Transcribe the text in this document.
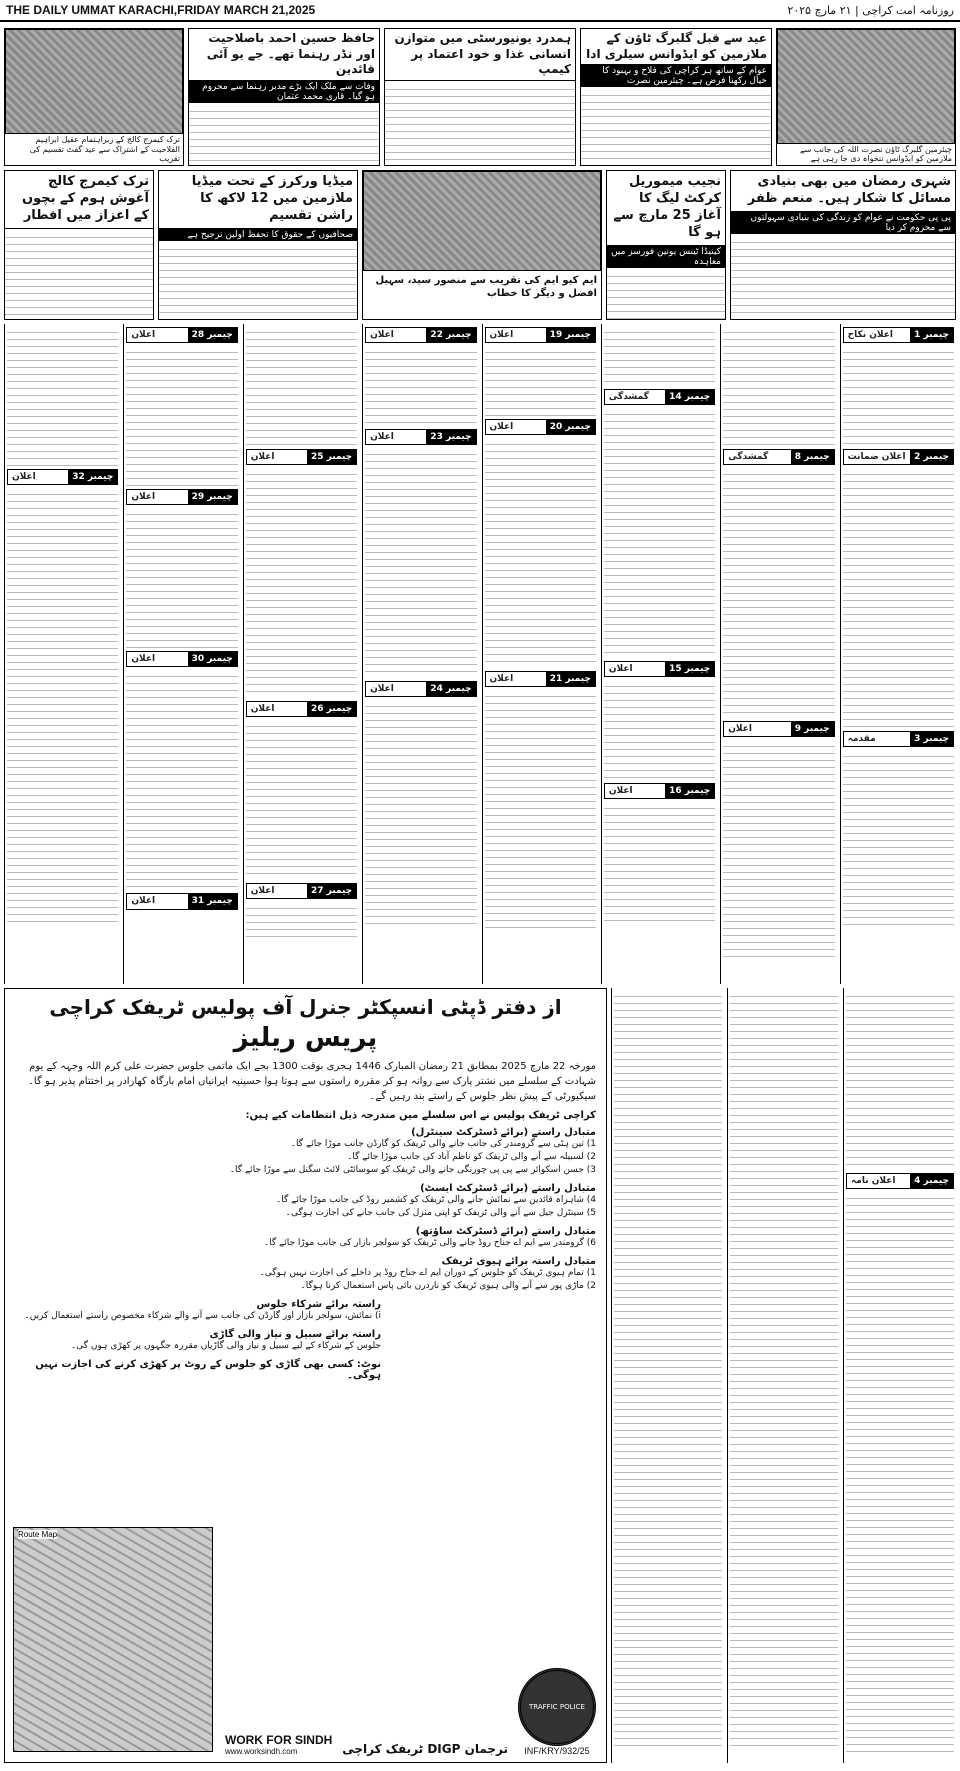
THE DAILY UMMAT KARACHI,FRIDAY MARCH 21,2025	روزنامہ امت کراچی | ۲۱ مارچ ۲۰۲۵
ترک کیمرج کالج کے زیراہتمام عقیل ابراہیم الفلاحیت کے اشتراک سے عید گفٹ تقسیم کی تقریب
حافظ حسین احمد باصلاحیت اور نڈر رہنما تھے۔ جے یو آئی قائدین
وفات سے ملک ایک بڑے مدبر رہنما سے محروم ہو گیا۔ قاری محمد عثمان
ہمدرد یونیورسٹی میں متوازن انسانی غذا و خود اعتماد پر کیمپ
عید سے قبل گلبرگ ٹاؤن کے ملازمین کو ایڈوانس سیلری ادا
عوام کے ساتھ ہر کراچی کی فلاح و بہبود کا خیال رکھنا فرض ہے۔ چیئرمین نصرت
چیئرمین گلبرگ ٹاؤن نصرت اللہ کی جانب سے ملازمین کو ایڈوانس تنخواہ دی جا رہی ہے
ترک کیمرج کالج آغوش ہوم کے بچوں کے اعزاز میں افطار
میڈیا ورکرز کے تحت میڈیا ملازمین میں 12 لاکھ کا راشن تقسیم
صحافیوں کے حقوق کا تحفظ اولین ترجیح ہے
ایم کیو ایم کی تقریب سے منصور سید، سہیل افضل و دیگر کا خطاب
نجیب میموریل کرکٹ لیگ کا آغاز 25 مارچ سے ہو گا
کینیڈا ٹینس یونین فورسز میں معاہدہ
شہری رمضان میں بھی بنیادی مسائل کا شکار ہیں۔ منعم ظفر
پی پی حکومت نے عوام کو زندگی کی بنیادی سہولتوں سے محروم کر دیا
چیمبر 1
اعلان نکاح
چیمبر 2
اعلان ضمانت
چیمبر 3
مقدمہ
چیمبر 8
گمشدگی
چیمبر 9
اعلان
چیمبر 14
گمشدگی
چیمبر 15
اعلان
چیمبر 16
اعلان
چیمبر 19
اعلان
چیمبر 20
اعلان
چیمبر 21
اعلان
چیمبر 22
اعلان
چیمبر 23
اعلان
چیمبر 24
اعلان
چیمبر 25
اعلان
چیمبر 26
اعلان
چیمبر 27
اعلان
چیمبر 28
اعلان
چیمبر 29
اعلان
چیمبر 30
اعلان
چیمبر 31
اعلان
چیمبر 32
اعلان
از دفتر ڈپٹی انسپکٹر جنرل آف پولیس ٹریفک کراچی
پریس ریلیز
مورخہ 22 مارچ 2025 بمطابق 21 رمضان المبارک 1446 ہجری بوقت 1300 بجے ایک ماتمی جلوس حضرت علی کرم اللہ وجہہ کے یوم شہادت کے سلسلے میں نشتر پارک سے روانہ ہو کر مقررہ راستوں سے ہوتا ہوا حسینیہ ایرانیاں امام بارگاہ کھارادر پر اختتام پذیر ہو گا۔ سیکیورٹی کے پیش نظر جلوس کے راستے بند رہیں گے۔
کراچی ٹریفک پولیس نے اس سلسلے میں مندرجہ ذیل انتظامات کیے ہیں:
متبادل راستے (برائے ڈسٹرکٹ سینٹرل)
1) تین ہٹی سے گرومندر کی جانب جانے والی ٹریفک کو گارڈن جانب موڑا جائے گا۔
2) لسبیلہ سے آنے والی ٹریفک کو ناظم آباد کی جانب موڑا جائے گا۔
3) حسن اسکوائر سے پی پی چورنگی جانے والی ٹریفک کو سوسائٹی لائٹ سگنل سے موڑا جائے گا۔
متبادل راستے (برائے ڈسٹرکٹ ایسٹ)
4) شاہراہ قائدین سے نمائش جانے والی ٹریفک کو کشمیر روڈ کی جانب موڑا جائے گا۔
5) سینٹرل جیل سے آنے والی ٹریفک کو اپنی منزل کی جانب جانے کی اجازت ہوگی۔
متبادل راستے (برائے ڈسٹرکٹ ساؤتھ)
6) گرومندر سے ایم اے جناح روڈ جانے والی ٹریفک کو سولجر بازار کی جانب موڑا جائے گا۔
متبادل راستہ برائے ہیوی ٹریفک
1) تمام ہیوی ٹریفک کو جلوس کے دوران ایم اے جناح روڈ پر داخلے کی اجازت نہیں ہوگی۔
2) ماڑی پور سے آنے والی ہیوی ٹریفک کو ناردرن بائی پاس استعمال کرنا ہوگا۔
راستہ برائے شرکاء جلوس
i) نمائش، سولجر بازار اور گارڈن کی جانب سے آنے والے شرکاء مخصوص راستے استعمال کریں۔
راستہ برائے سبیل و نیاز والی گاڑی
جلوس کے شرکاء کے لیے سبیل و نیاز والی گاڑیاں مقررہ جگہوں پر کھڑی ہوں گی۔
نوٹ: کسی بھی گاڑی کو جلوس کے روٹ پر کھڑی کرنے کی اجازت نہیں ہوگی۔
Route Map
WORK FOR SINDH
www.worksindh.com	ترجمان DIGP ٹریفک کراچی
TRAFFIC POLICE
INF/KRY/932/25
چیمبر 4
اعلان نامہ
